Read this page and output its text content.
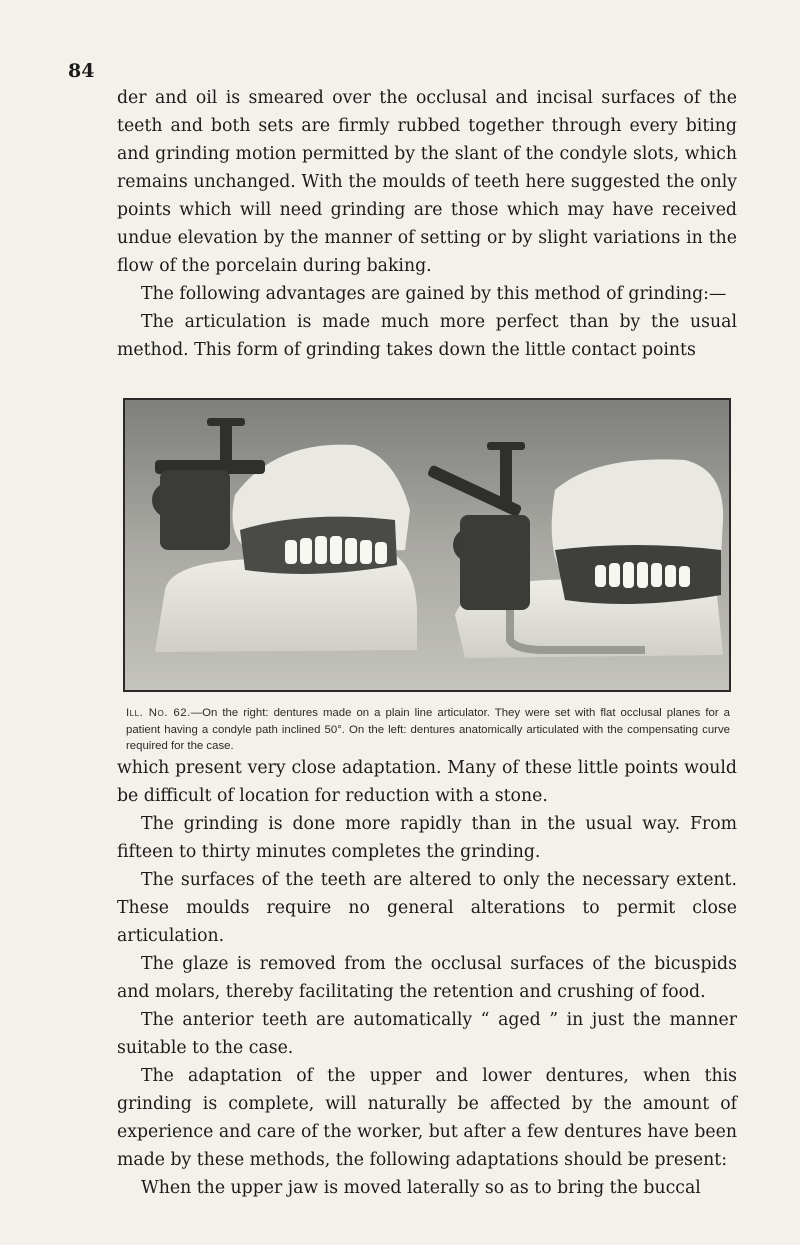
84

der and oil is smeared over the occlusal and incisal surfaces of the teeth and both sets are firmly rubbed together through every biting and grinding motion permitted by the slant of the condyle slots, which remains unchanged. With the moulds of teeth here suggested the only points which will need grinding are those which may have received undue elevation by the manner of setting or by slight variations in the flow of the porcelain during baking.

The following advantages are gained by this method of grinding:—

The articulation is made much more perfect than by the usual method. This form of grinding takes down the little contact points

Ill. No. 62.—On the right: dentures made on a plain line articulator. They were set with flat occlusal planes for a patient having a condyle path inclined 50°. On the left: dentures anatomically articulated with the compensating curve required for the case.

which present very close adaptation. Many of these little points would be difficult of location for reduction with a stone.

The grinding is done more rapidly than in the usual way. From fifteen to thirty minutes completes the grinding.

The surfaces of the teeth are altered to only the necessary extent. These moulds require no general alterations to permit close articulation.

The glaze is removed from the occlusal surfaces of the bicuspids and molars, thereby facilitating the retention and crushing of food.

The anterior teeth are automatically “ aged ” in just the manner suitable to the case.

The adaptation of the upper and lower dentures, when this grinding is complete, will naturally be affected by the amount of experience and care of the worker, but after a few dentures have been made by these methods, the following adaptations should be present:

When the upper jaw is moved laterally so as to bring the buccal
